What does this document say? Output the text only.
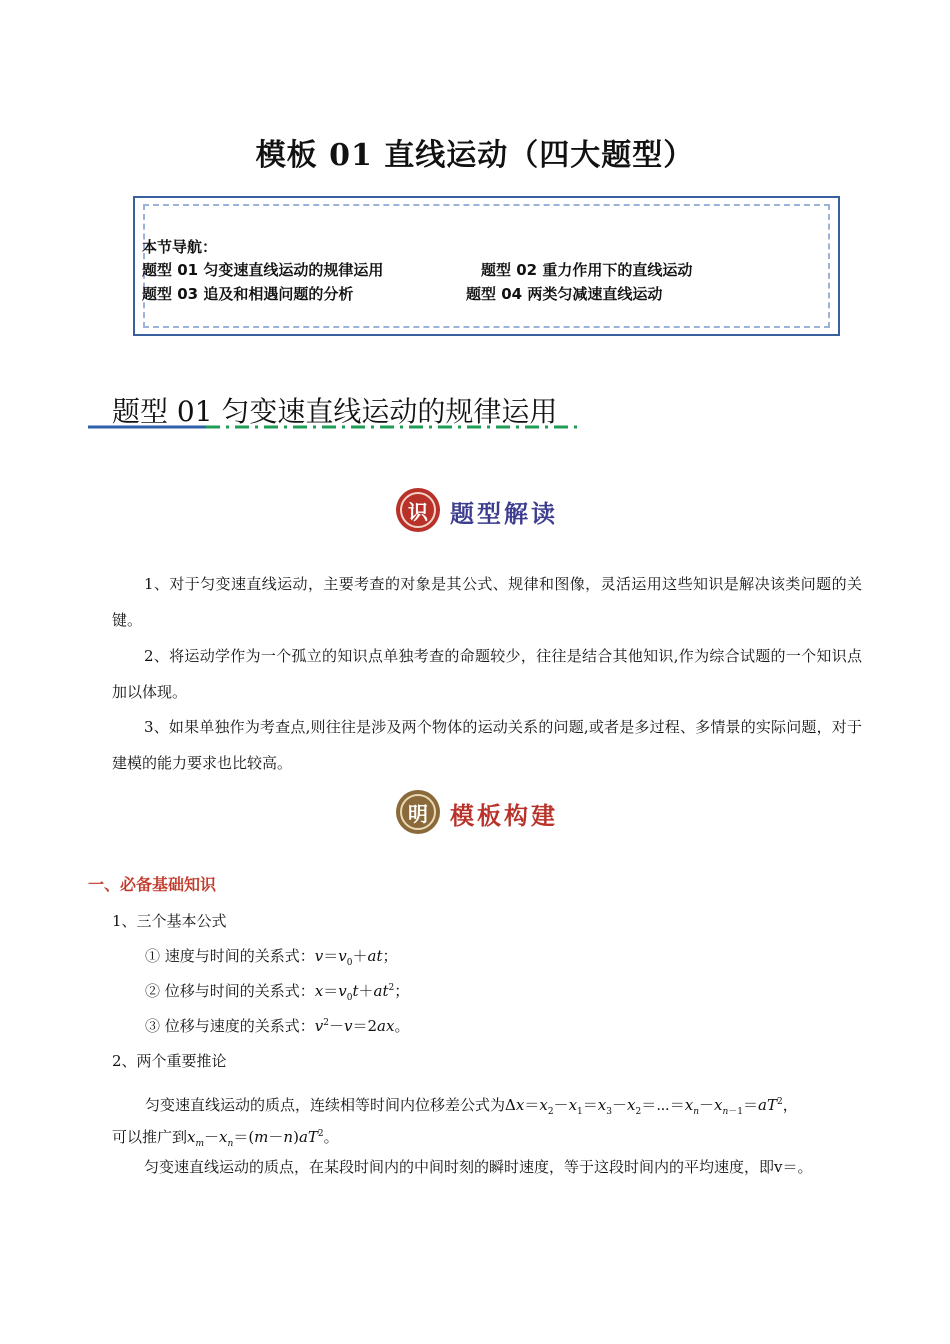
模板 01 直线运动（四大题型）
本节导航：
题型 01 匀变速直线运动的规律运用	题型 02 重力作用下的直线运动
题型 03 追及和相遇问题的分析	题型 04 两类匀减速直线运动
题型 01 匀变速直线运动的规律运用
识 题型解读
1、对于匀变速直线运动，主要考查的对象是其公式、规律和图像，灵活运用这些知识是解决该类问题的关键。
2、将运动学作为一个孤立的知识点单独考查的命题较少，往往是结合其他知识,作为综合试题的一个知识点加以体现。
3、如果单独作为考查点,则往往是涉及两个物体的运动关系的问题,或者是多过程、多情景的实际问题，对于建模的能力要求也比较高。
明 模板构建
一、必备基础知识
1、三个基本公式
① 速度与时间的关系式：$v=v_0+at$；
② 位移与时间的关系式：$x=v_0t+at^2$；
③ 位移与速度的关系式：$v^2-v=2ax$。
2、两个重要推论
匀变速直线运动的质点，连续相等时间内位移差公式为$\Delta x=x_2-x_1=x_3-x_2=\cdots=x_n-x_{n-1}=aT^2$，
可以推广到$x_m-x_n=(m-n)aT^2$。
匀变速直线运动的质点，在某段时间内的中间时刻的瞬时速度，等于这段时间内的平均速度，即v＝。
